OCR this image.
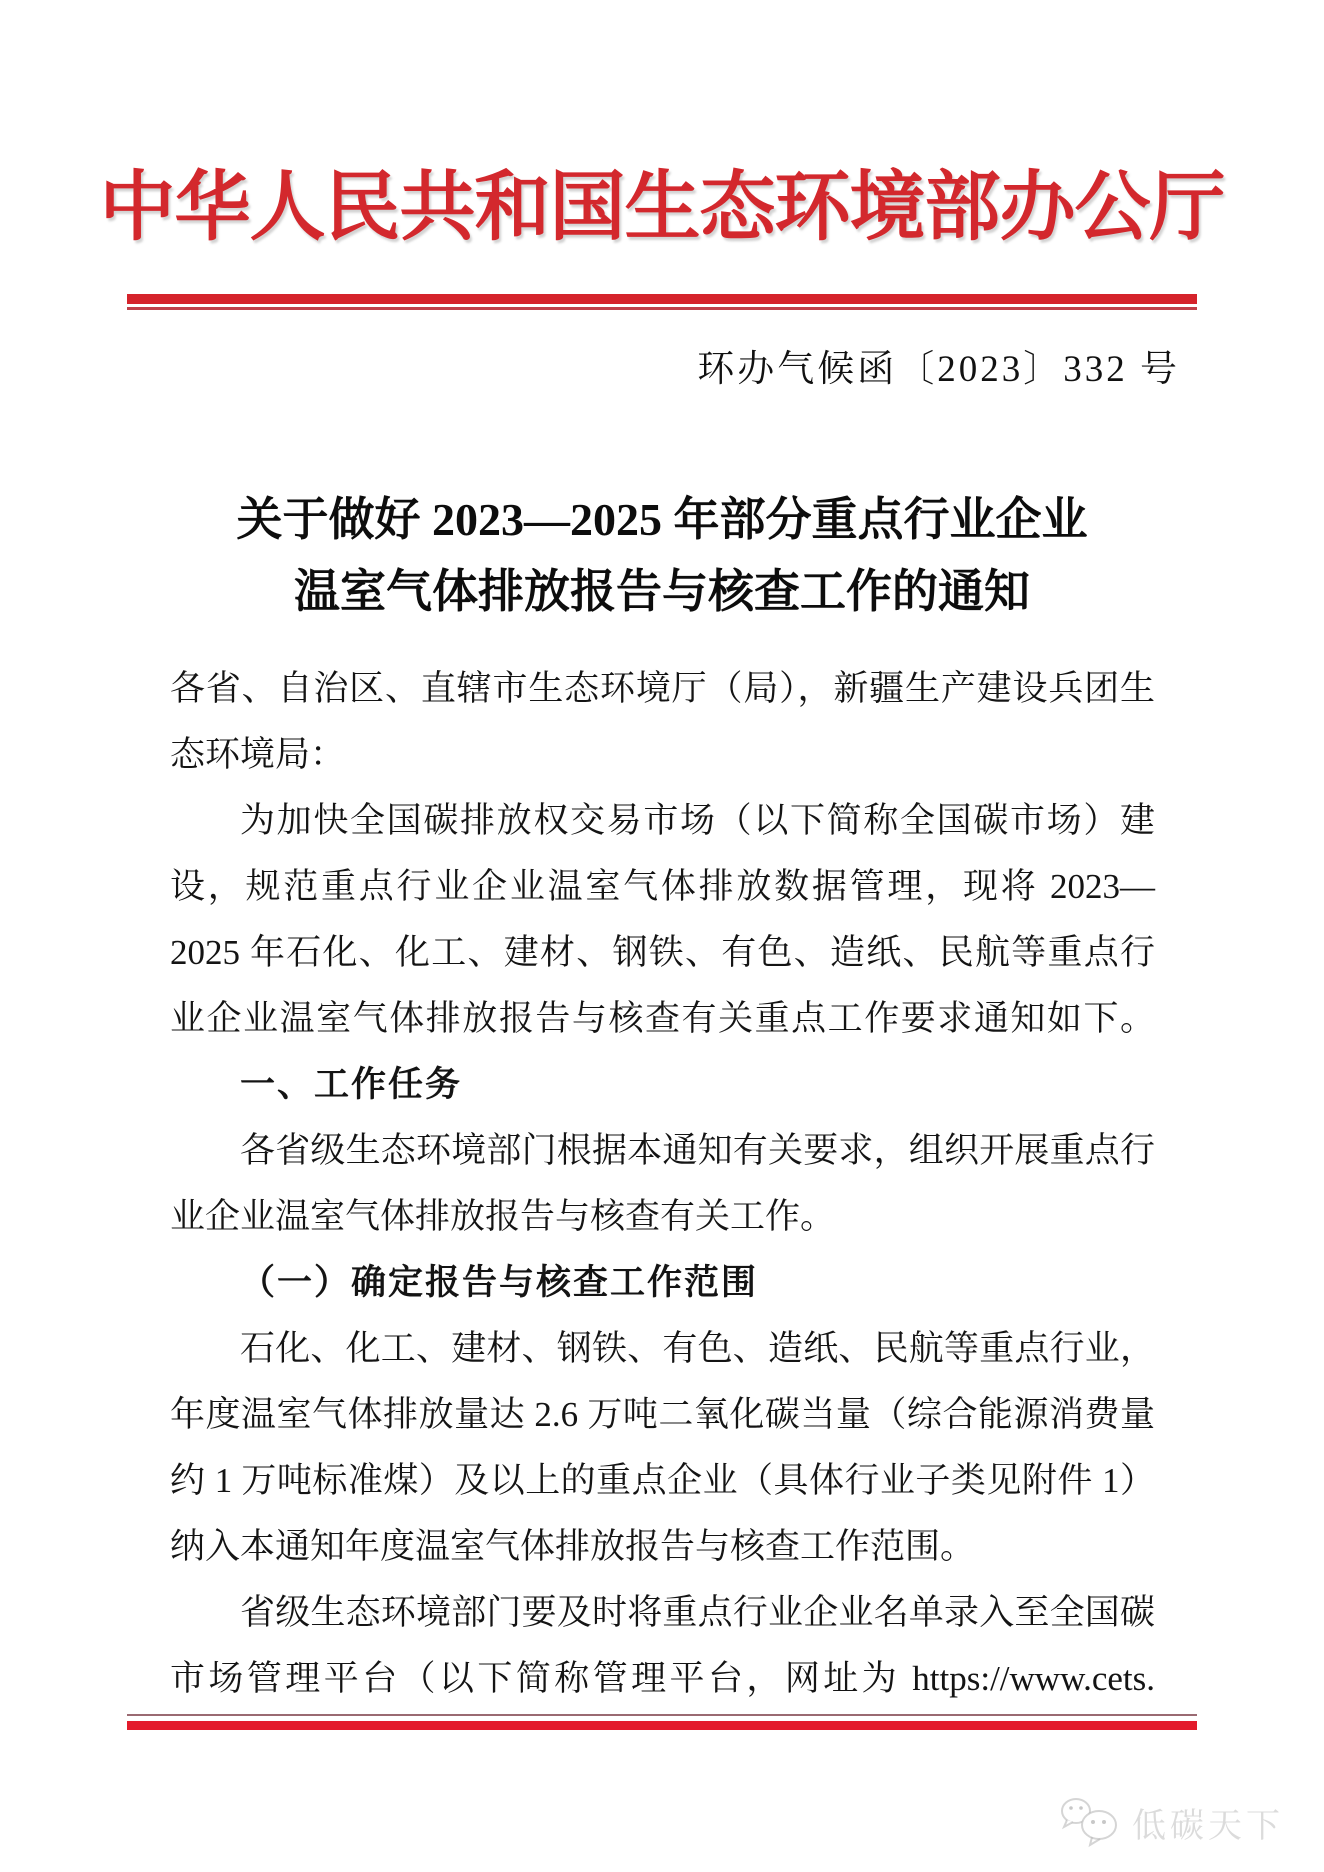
中华人民共和国生态环境部办公厅
环办气候函〔2023〕332 号
关于做好 2023—2025 年部分重点行业企业
温室气体排放报告与核查工作的通知
各省、自治区、直辖市生态环境厅（局），新疆生产建设兵团生
态环境局：
为加快全国碳排放权交易市场（以下简称全国碳市场）建
设，规范重点行业企业温室气体排放数据管理，现将 2023—
2025 年石化、化工、建材、钢铁、有色、造纸、民航等重点行
业企业温室气体排放报告与核查有关重点工作要求通知如下。
一、工作任务
各省级生态环境部门根据本通知有关要求，组织开展重点行
业企业温室气体排放报告与核查有关工作。
（一）确定报告与核查工作范围
石化、化工、建材、钢铁、有色、造纸、民航等重点行业，
年度温室气体排放量达 2.6 万吨二氧化碳当量（综合能源消费量
约 1 万吨标准煤）及以上的重点企业（具体行业子类见附件 1）
纳入本通知年度温室气体排放报告与核查工作范围。
省级生态环境部门要及时将重点行业企业名单录入至全国碳
市场管理平台（以下简称管理平台，网址为 https://www.cets.
低碳天下
